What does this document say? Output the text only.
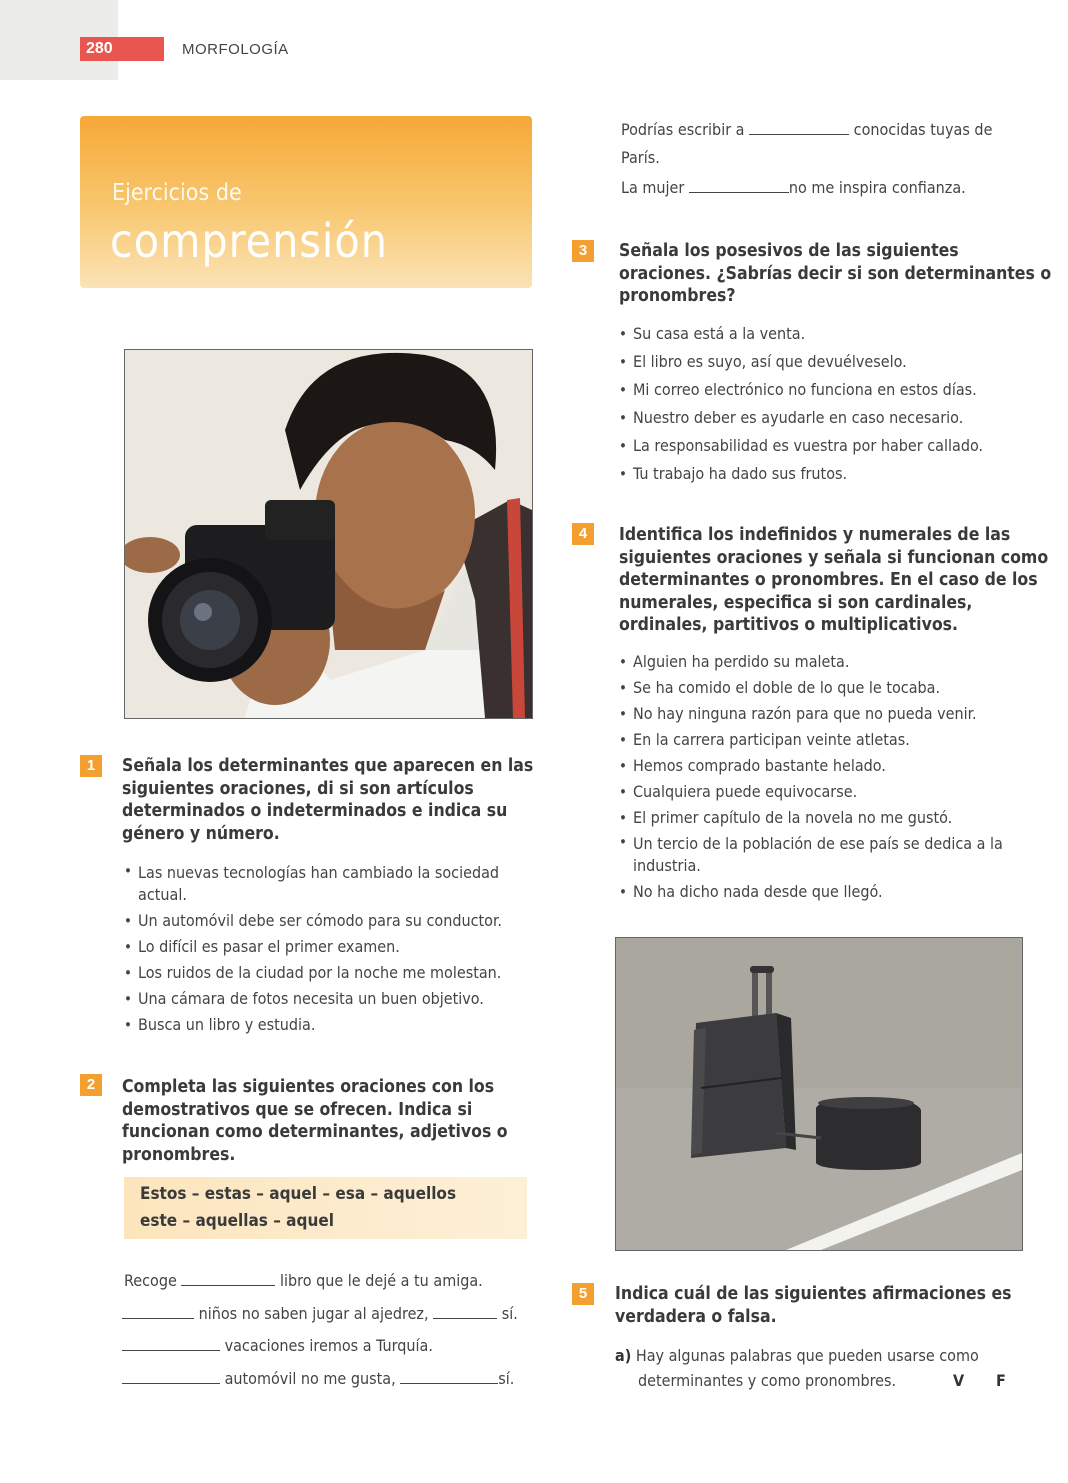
280	MORFOLOGÍA
Ejercicios de
comprensión
1	Señala los determinantes que aparecen en las
siguientes oraciones, di si son artículos
determinados o indeterminados e indica su
género y número.
• Las nuevas tecnologías han cambiado la sociedad
actual.
• Un automóvil debe ser cómodo para su conductor.
• Lo difícil es pasar el primer examen.
• Los ruidos de la ciudad por la noche me molestan.
• Una cámara de fotos necesita un buen objetivo.
• Busca un libro y estudia.
2	Completa las siguientes oraciones con los
demostrativos que se ofrecen. Indica si
funcionan como determinantes, adjetivos o
pronombres.
Estos – estas – aquel – esa – aquellos
este – aquellas – aquel
Recoge	libro que le dejé a tu amiga.
niños no saben jugar al ajedrez,	sí.
vacaciones iremos a Turquía.
automóvil no me gusta,	sí.
Podrías escribir a	conocidas tuyas de
París.
La mujer	no me inspira confianza.
3	Señala los posesivos de las siguientes
oraciones. ¿Sabrías decir si son determinantes o
pronombres?
• Su casa está a la venta.
• El libro es suyo, así que devuélveselo.
• Mi correo electrónico no funciona en estos días.
• Nuestro deber es ayudarle en caso necesario.
• La responsabilidad es vuestra por haber callado.
• Tu trabajo ha dado sus frutos.
4	Identifica los indefinidos y numerales de las
siguientes oraciones y señala si funcionan como
determinantes o pronombres. En el caso de los
numerales, especifica si son cardinales,
ordinales, partitivos o multiplicativos.
• Alguien ha perdido su maleta.
• Se ha comido el doble de lo que le tocaba.
• No hay ninguna razón para que no pueda venir.
• En la carrera participan veinte atletas.
• Hemos comprado bastante helado.
• Cualquiera puede equivocarse.
• El primer capítulo de la novela no me gustó.
• Un tercio de la población de ese país se dedica a la
industria.
• No ha dicho nada desde que llegó.
5	Indica cuál de las siguientes afirmaciones es
verdadera o falsa.
a) Hay algunas palabras que pueden usarse como
determinantes y como pronombres.	V F
